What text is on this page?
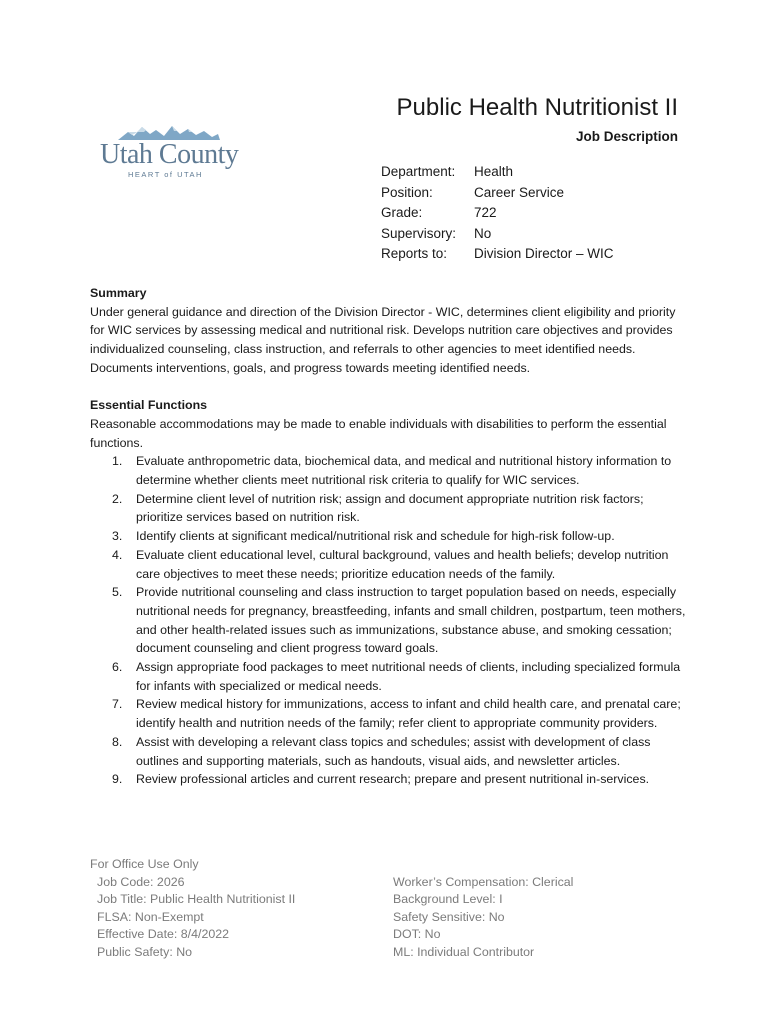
Utah County
HEART of UTAH
Public Health Nutritionist II
Job Description
Department: Health
Position:	Career Service
Grade:	722
Supervisory: No
Reports to: Division Director – WIC
Summary

Under general guidance and direction of the Division Director - WIC, determines client eligibility and priority for WIC services by assessing medical and nutritional risk. Develops nutrition care objectives and provides individualized counseling, class instruction, and referrals to other agencies to meet identified needs. Documents interventions, goals, and progress towards meeting identified needs.

Essential Functions

Reasonable accommodations may be made to enable individuals with disabilities to perform the essential functions.

1. Evaluate anthropometric data, biochemical data, and medical and nutritional history information to determine whether clients meet nutritional risk criteria to qualify for WIC services.
2. Determine client level of nutrition risk; assign and document appropriate nutrition risk factors; prioritize services based on nutrition risk.
3. Identify clients at significant medical/nutritional risk and schedule for high-risk follow-up.
4. Evaluate client educational level, cultural background, values and health beliefs; develop nutrition care objectives to meet these needs; prioritize education needs of the family.
5. Provide nutritional counseling and class instruction to target population based on needs, especially nutritional needs for pregnancy, breastfeeding, infants and small children, postpartum, teen mothers, and other health-related issues such as immunizations, substance abuse, and smoking cessation; document counseling and client progress toward goals.
6. Assign appropriate food packages to meet nutritional needs of clients, including specialized formula for infants with specialized or medical needs.
7. Review medical history for immunizations, access to infant and child health care, and prenatal care; identify health and nutrition needs of the family; refer client to appropriate community providers.
8. Assist with developing a relevant class topics and schedules; assist with development of class outlines and supporting materials, such as handouts, visual aids, and newsletter articles.
9. Review professional articles and current research; prepare and present nutritional in-services.
For Office Use Only
Job Code: 2026
Job Title: Public Health Nutritionist II
FLSA: Non-Exempt
Effective Date: 8/4/2022
Public Safety: No
Worker’s Compensation: Clerical
Background Level: I
Safety Sensitive: No
DOT: No
ML: Individual Contributor
